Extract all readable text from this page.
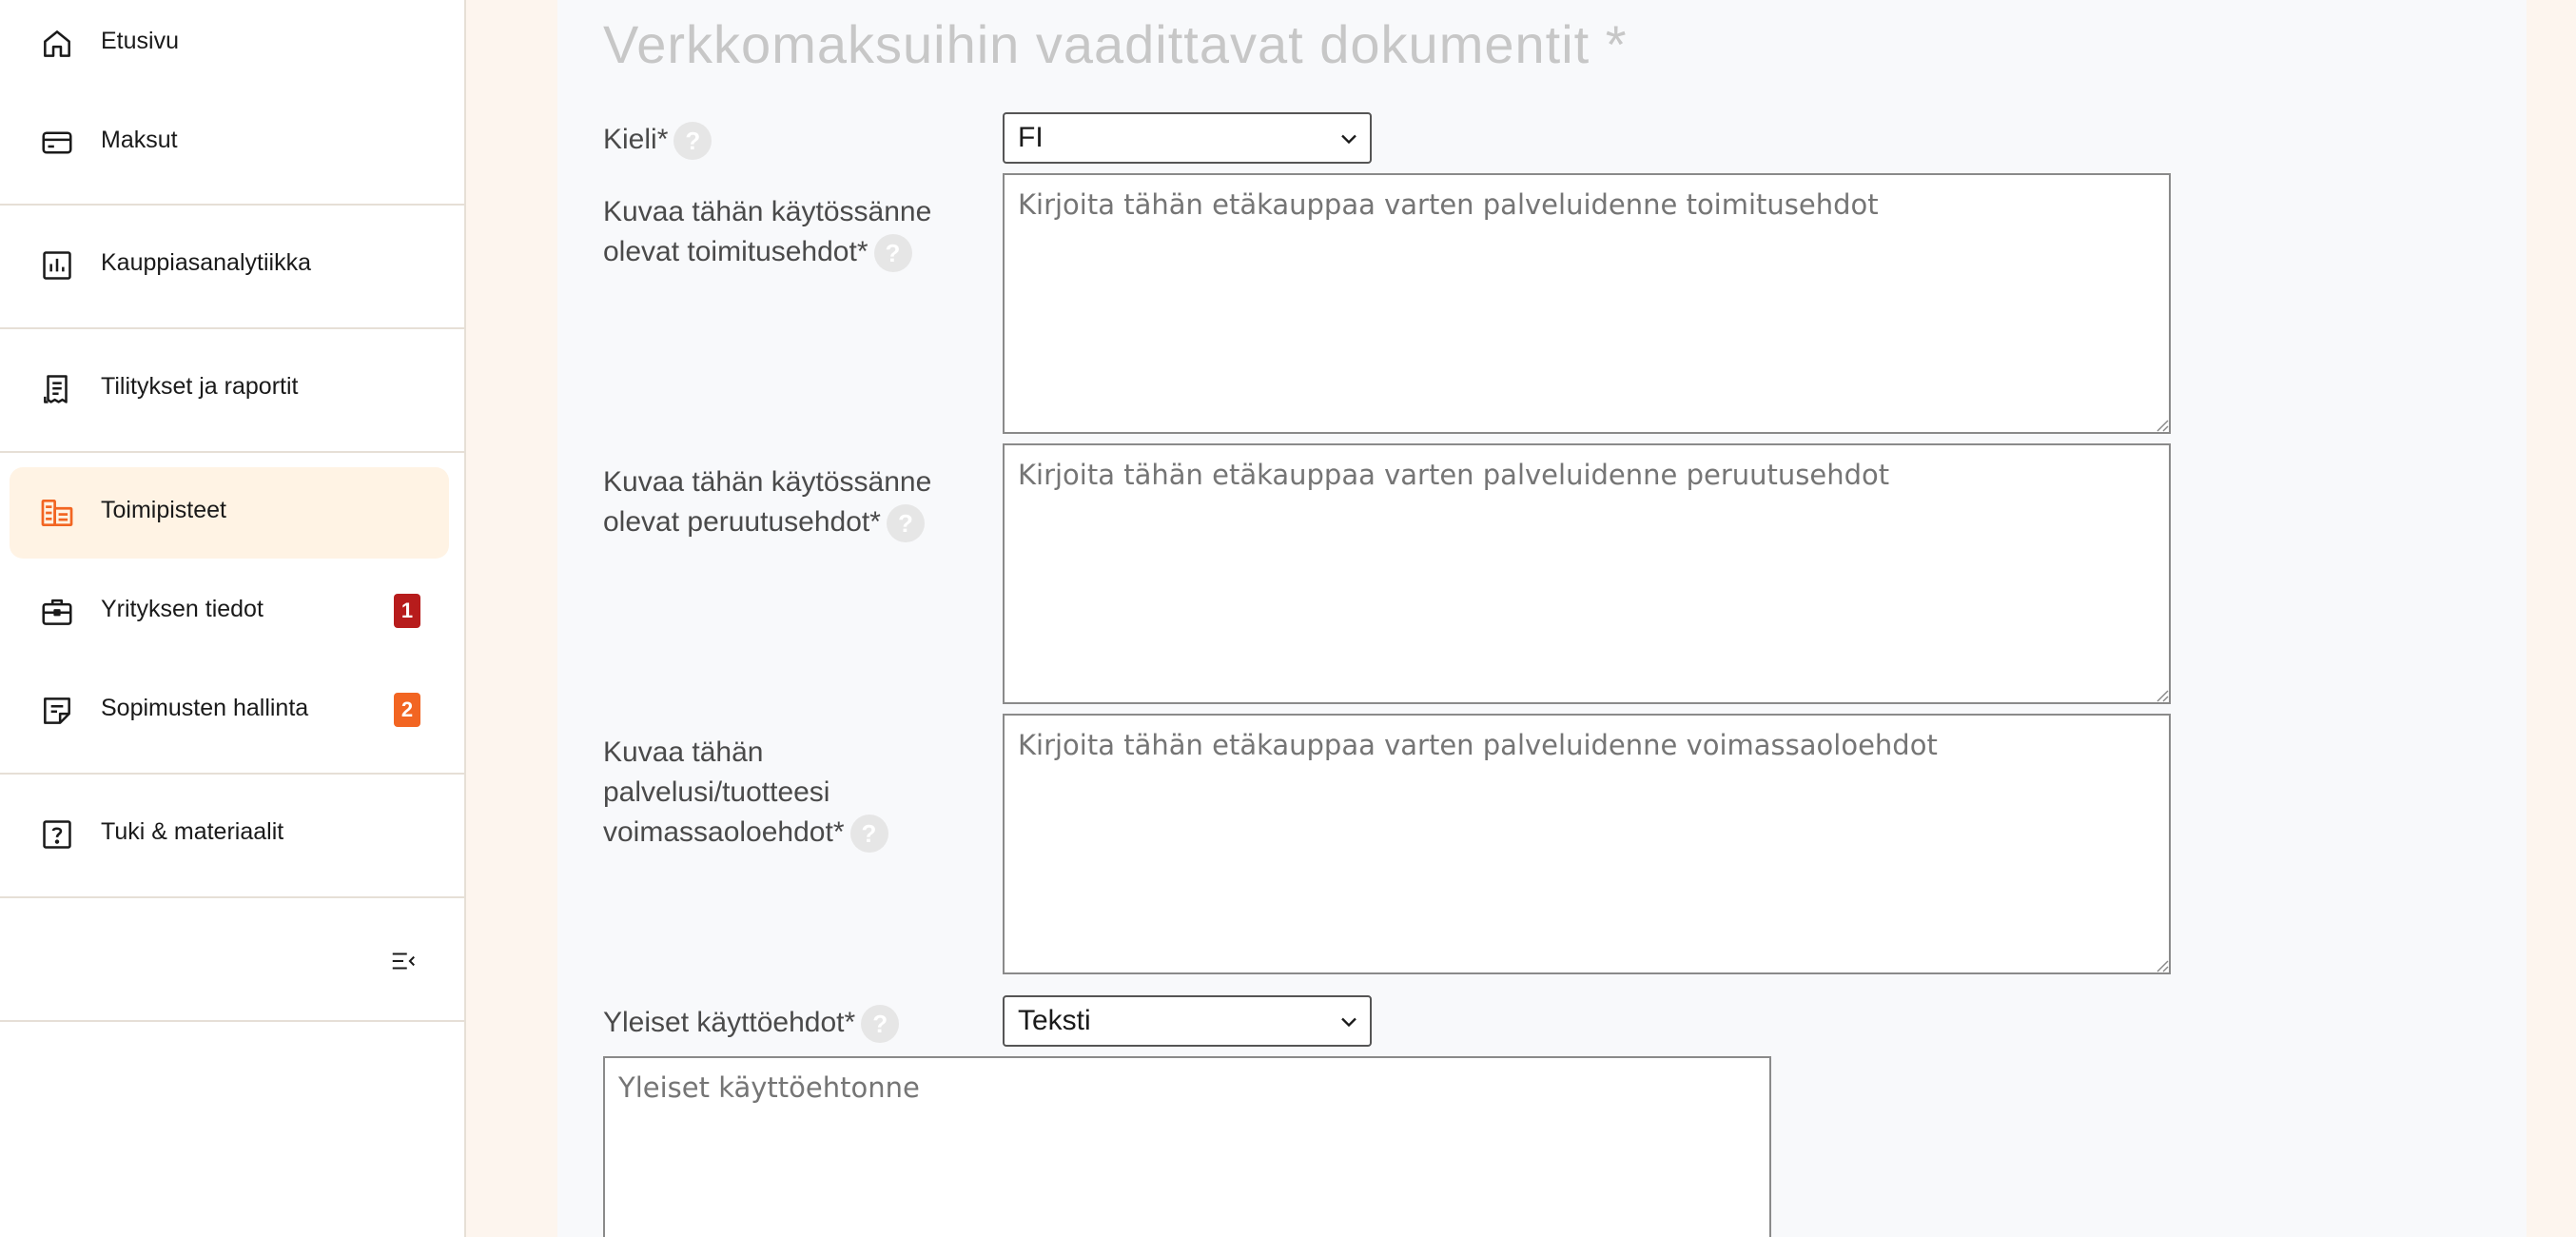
Etusivu
Maksut
Kauppiasanalytiikka
Tilitykset ja raportit
Toimipisteet
Yrityksen tiedot	1
Sopimusten hallinta	2
Tuki & materiaalit
Verkkomaksuihin vaadittavat dokumentit *
Kieli* ?	FI
Kuvaa tähän käytössänne olevat toimitusehdot* ?
Kirjoita tähän etäkauppaa varten palveluidenne toimitusehdot
Kuvaa tähän käytössänne olevat peruutusehdot* ?
Kirjoita tähän etäkauppaa varten palveluidenne peruutusehdot
Kuvaa tähän palvelusi/tuotteesi voimassaoloehdot* ?
Kirjoita tähän etäkauppaa varten palveluidenne voimassaoloehdot
Yleiset käyttöehdot* ?	Teksti
Yleiset käyttöehtonne
